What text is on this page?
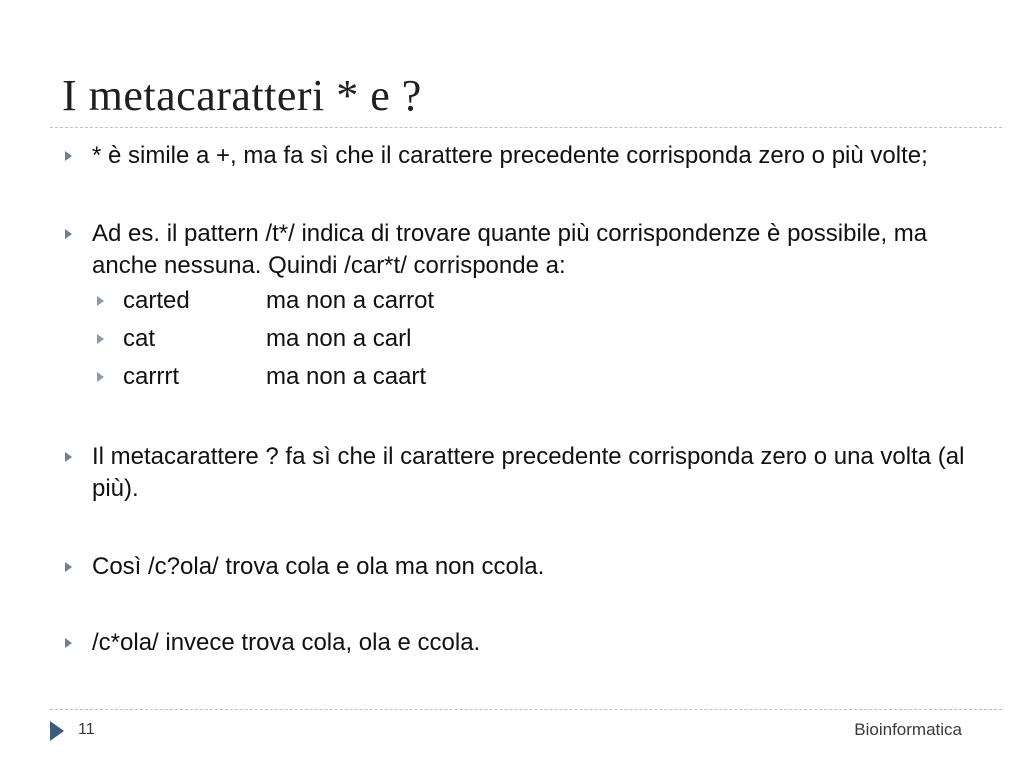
I metacaratteri * e ?
* è simile a +, ma fa sì che il carattere precedente corrisponda zero o più volte;
Ad es. il pattern /t*/ indica di trovare quante più corrispondenze è possibile, ma anche nessuna. Quindi /car*t/ corrisponde a:
carted	ma non a carrot
cat	ma non a carl
carrrt	ma non a caart
Il metacarattere ? fa sì che il carattere precedente corrisponda zero o una volta (al più).
Così /c?ola/ trova cola e ola ma non ccola.
/c*ola/ invece trova cola, ola e ccola.
11	Bioinformatica
